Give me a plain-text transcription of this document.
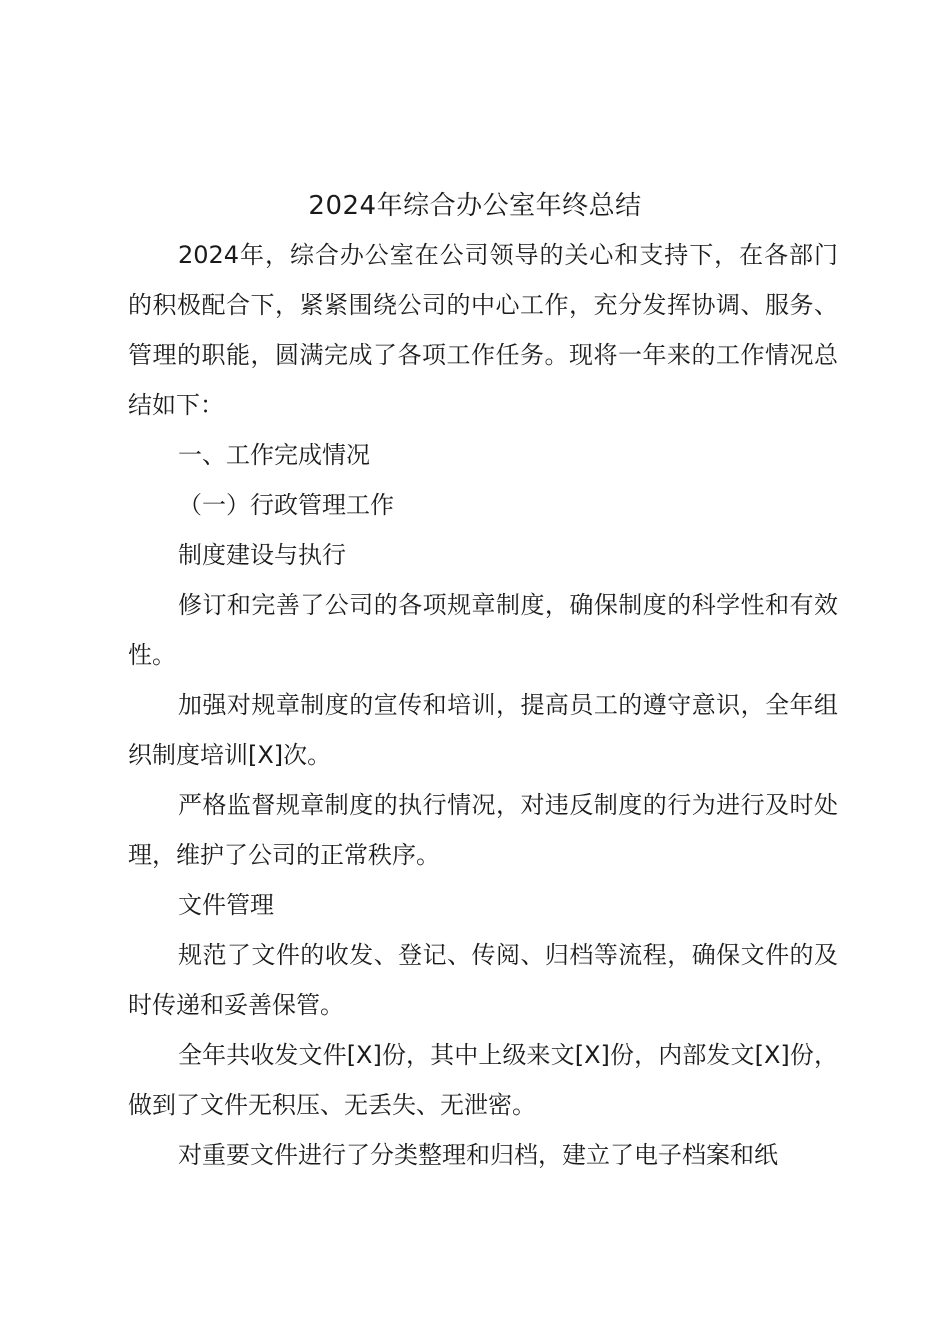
2024年综合办公室年终总结

2024年，综合办公室在公司领导的关心和支持下，在各部门的积极配合下，紧紧围绕公司的中心工作，充分发挥协调、服务、管理的职能，圆满完成了各项工作任务。现将一年来的工作情况总结如下：

一、工作完成情况

（一）行政管理工作

制度建设与执行

修订和完善了公司的各项规章制度，确保制度的科学性和有效性。

加强对规章制度的宣传和培训，提高员工的遵守意识，全年组织制度培训[X]次。

严格监督规章制度的执行情况，对违反制度的行为进行及时处理，维护了公司的正常秩序。

文件管理

规范了文件的收发、登记、传阅、归档等流程，确保文件的及时传递和妥善保管。

全年共收发文件[X]份，其中上级来文[X]份，内部发文[X]份，做到了文件无积压、无丢失、无泄密。

对重要文件进行了分类整理和归档，建立了电子档案和纸
